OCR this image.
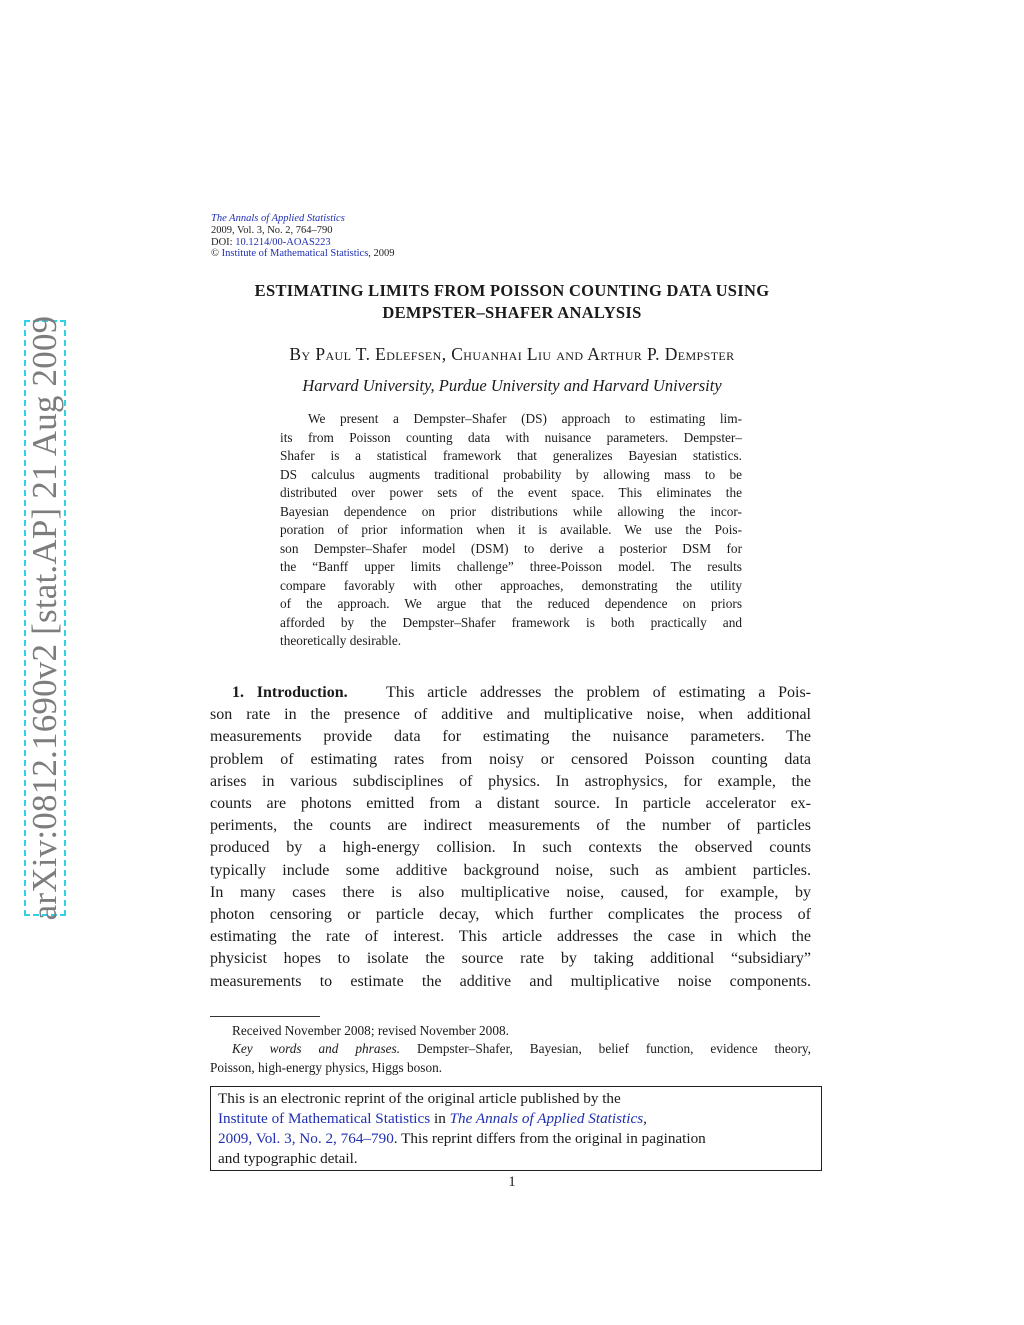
arXiv:0812.1690v2 [stat.AP] 21 Aug 2009
The Annals of Applied Statistics
2009, Vol. 3, No. 2, 764–790
DOI: 10.1214/00-AOAS223
© Institute of Mathematical Statistics, 2009
ESTIMATING LIMITS FROM POISSON COUNTING DATA USING
DEMPSTER–SHAFER ANALYSIS
By Paul T. Edlefsen, Chuanhai Liu and Arthur P. Dempster
Harvard University, Purdue University and Harvard University
We present a Dempster–Shafer (DS) approach to estimating lim-
its from Poisson counting data with nuisance parameters. Dempster–
Shafer is a statistical framework that generalizes Bayesian statistics.
DS calculus augments traditional probability by allowing mass to be
distributed over power sets of the event space. This eliminates the
Bayesian dependence on prior distributions while allowing the incor-
poration of prior information when it is available. We use the Pois-
son Dempster–Shafer model (DSM) to derive a posterior DSM for
the “Banff upper limits challenge” three-Poisson model. The results
compare favorably with other approaches, demonstrating the utility
of the approach. We argue that the reduced dependence on priors
afforded by the Dempster–Shafer framework is both practically and
theoretically desirable.
1. Introduction. This article addresses the problem of estimating a Pois-
son rate in the presence of additive and multiplicative noise, when additional
measurements provide data for estimating the nuisance parameters. The
problem of estimating rates from noisy or censored Poisson counting data
arises in various subdisciplines of physics. In astrophysics, for example, the
counts are photons emitted from a distant source. In particle accelerator ex-
periments, the counts are indirect measurements of the number of particles
produced by a high-energy collision. In such contexts the observed counts
typically include some additive background noise, such as ambient particles.
In many cases there is also multiplicative noise, caused, for example, by
photon censoring or particle decay, which further complicates the process of
estimating the rate of interest. This article addresses the case in which the
physicist hopes to isolate the source rate by taking additional “subsidiary”
measurements to estimate the additive and multiplicative noise components.
Received November 2008; revised November 2008.
Key words and phrases. Dempster–Shafer, Bayesian, belief function, evidence theory,
Poisson, high-energy physics, Higgs boson.
This is an electronic reprint of the original article published by the
Institute of Mathematical Statistics in The Annals of Applied Statistics,
2009, Vol. 3, No. 2, 764–790. This reprint differs from the original in pagination
and typographic detail.
1
